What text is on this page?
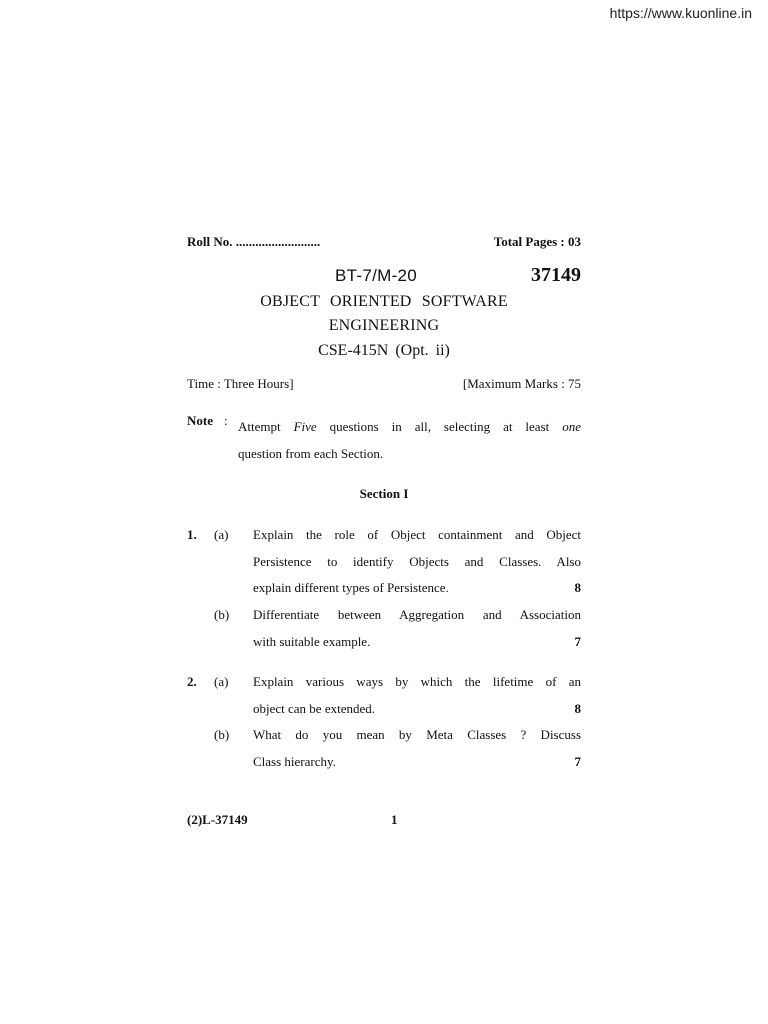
https://www.kuonline.in
Roll No. ..........................	Total Pages : 03
BT-7/M-20	37149
OBJECT ORIENTED SOFTWARE
ENGINEERING
CSE-415N (Opt. ii)
Time : Three Hours]	[Maximum Marks : 75
Note : Attempt Five questions in all, selecting at least one
question from each Section.
Section I
1. (a) Explain the role of Object containment and Object
Persistence to identify Objects and Classes. Also
explain different types of Persistence.	8
(b) Differentiate between Aggregation and Association
with suitable example.	7
2. (a) Explain various ways by which the lifetime of an
object can be extended.	8
(b) What do you mean by Meta Classes ? Discuss
Class hierarchy.	7
(2)L-37149	1
